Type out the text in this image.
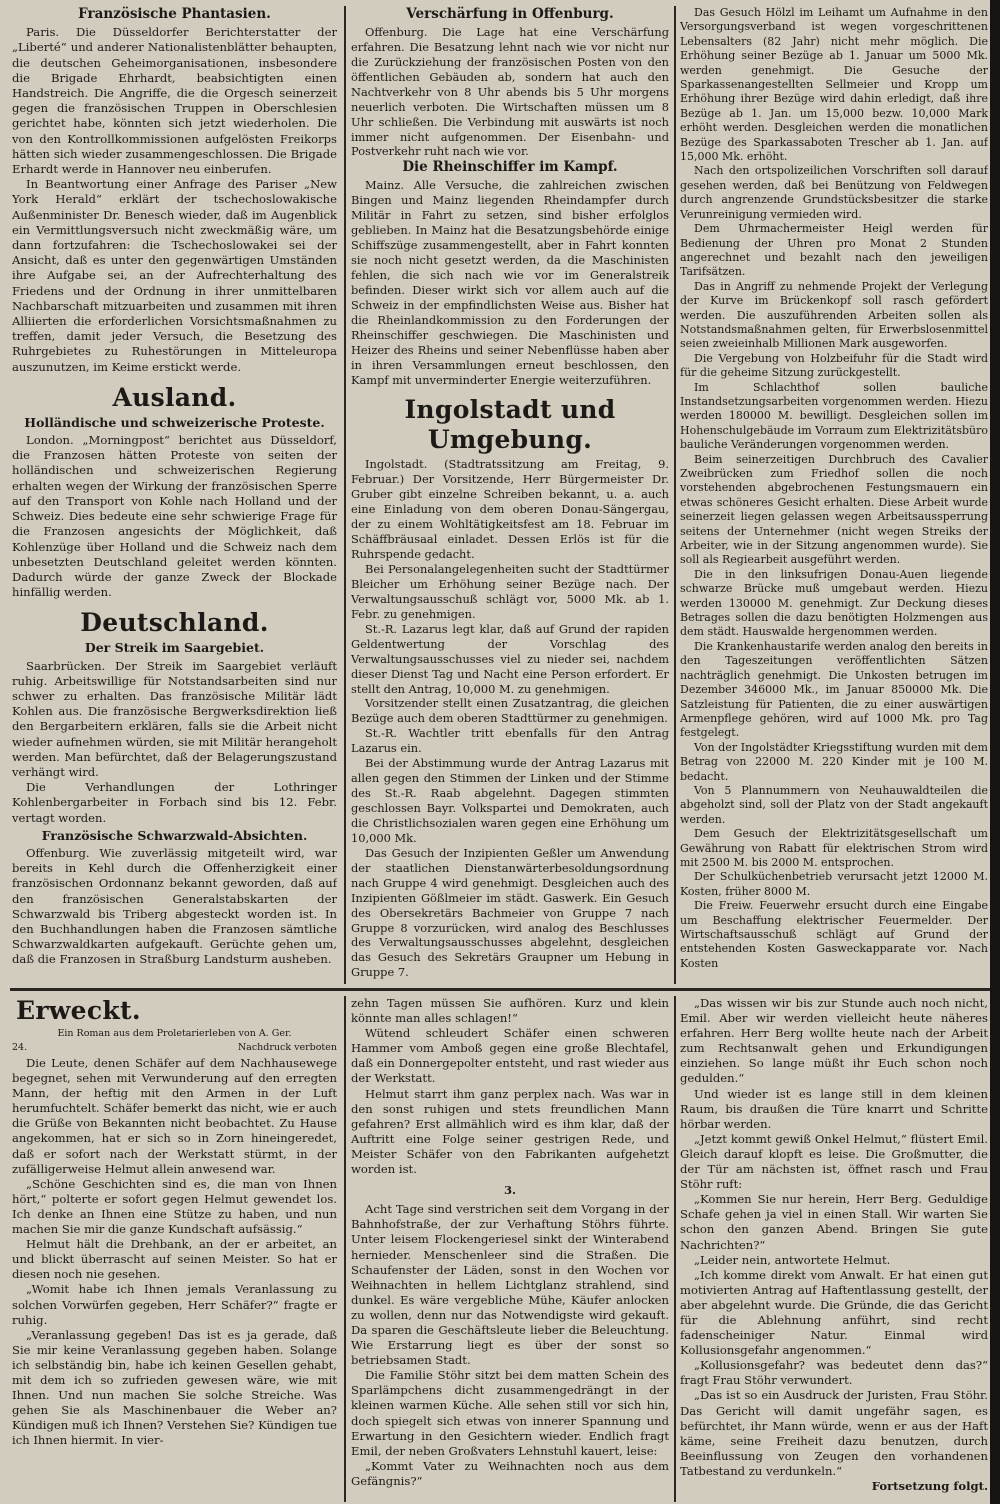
Französische Phantasien.

Paris. Die Düsseldorfer Berichterstatter der „Liberté“ und anderer Nationalistenblätter behaupten, die deutschen Geheimorganisationen, insbesondere die Brigade Ehrhardt, beabsichtigten einen Handstreich. Die Angriffe, die die Orgesch seinerzeit gegen die französischen Truppen in Oberschlesien gerichtet habe, könnten sich jetzt wiederholen. Die von den Kontrollkommissionen aufgelösten Freikorps hätten sich wieder zusammengeschlossen. Die Brigade Erhardt werde in Hannover neu einberufen.

In Beantwortung einer Anfrage des Pariser „New York Herald“ erklärt der tschechoslowakische Außenminister Dr. Benesch wieder, daß im Augenblick ein Vermittlungsversuch nicht zweckmäßig wäre, um dann fortzufahren: die Tschechoslowakei sei der Ansicht, daß es unter den gegenwärtigen Umständen ihre Aufgabe sei, an der Aufrechterhaltung des Friedens und der Ordnung in ihrer unmittelbaren Nachbarschaft mitzuarbeiten und zusammen mit ihren Alliierten die erforderlichen Vorsichtsmaßnahmen zu treffen, damit jeder Versuch, die Besetzung des Ruhrgebietes zu Ruhestörungen in Mitteleuropa auszunutzen, im Keime erstickt werde.

Ausland.
Holländische und schweizerische Proteste.

London. „Morningpost“ berichtet aus Düsseldorf, die Franzosen hätten Proteste von seiten der holländischen und schweizerischen Regierung erhalten wegen der Wirkung der französischen Sperre auf den Transport von Kohle nach Holland und der Schweiz. Dies bedeute eine sehr schwierige Frage für die Franzosen angesichts der Möglichkeit, daß Kohlenzüge über Holland und die Schweiz nach dem unbesetzten Deutschland geleitet werden könnten. Dadurch würde der ganze Zweck der Blockade hinfällig werden.

Deutschland.
Der Streik im Saargebiet.

Saarbrücken. Der Streik im Saargebiet verläuft ruhig. Arbeitswillige für Notstandsarbeiten sind nur schwer zu erhalten. Das französische Militär lädt Kohlen aus. Die französische Bergwerksdirektion ließ den Bergarbeitern erklären, falls sie die Arbeit nicht wieder aufnehmen würden, sie mit Militär herangeholt werden. Man befürchtet, daß der Belagerungszustand verhängt wird.

Die Verhandlungen der Lothringer Kohlenbergarbeiter in Forbach sind bis 12. Febr. vertagt worden.

Französische Schwarzwald-Absichten.

Offenburg. Wie zuverlässig mitgeteilt wird, war bereits in Kehl durch die Offenherzigkeit einer französischen Ordonnanz bekannt geworden, daß auf den französischen Generalstabskarten der Schwarzwald bis Triberg abgesteckt worden ist. In den Buchhandlungen haben die Franzosen sämtliche Schwarzwaldkarten aufgekauft. Gerüchte gehen um, daß die Franzosen in Straßburg Landsturm ausheben.

Verschärfung in Offenburg.

Offenburg. Die Lage hat eine Verschärfung erfahren. Die Besatzung lehnt nach wie vor nicht nur die Zurückziehung der französischen Posten von den öffentlichen Gebäuden ab, sondern hat auch den Nachtverkehr von 8 Uhr abends bis 5 Uhr morgens neuerlich verboten. Die Wirtschaften müssen um 8 Uhr schließen. Die Verbindung mit auswärts ist noch immer nicht aufgenommen. Der Eisenbahn- und Postverkehr ruht nach wie vor.

Die Rheinschiffer im Kampf.

Mainz. Alle Versuche, die zahlreichen zwischen Bingen und Mainz liegenden Rheindampfer durch Militär in Fahrt zu setzen, sind bisher erfolglos geblieben. In Mainz hat die Besatzungsbehörde einige Schiffszüge zusammengestellt, aber in Fahrt konnten sie noch nicht gesetzt werden, da die Maschinisten fehlen, die sich nach wie vor im Generalstreik befinden. Dieser wirkt sich vor allem auch auf die Schweiz in der empfindlichsten Weise aus. Bisher hat die Rheinlandkommission zu den Forderungen der Rheinschiffer geschwiegen. Die Maschinisten und Heizer des Rheins und seiner Nebenflüsse haben aber in ihren Versammlungen erneut beschlossen, den Kampf mit unverminderter Energie weiterzuführen.

Ingolstadt und Umgebung.

Ingolstadt. (Stadtratssitzung am Freitag, 9. Februar.) Der Vorsitzende, Herr Bürgermeister Dr. Gruber gibt einzelne Schreiben bekannt, u. a. auch eine Einladung von dem oberen Donau-Sängergau, der zu einem Wohltätigkeitsfest am 18. Februar im Schäffbräusaal einladet. Dessen Erlös ist für die Ruhrspende gedacht.

Bei Personalangelegenheiten sucht der Stadttürmer Bleicher um Erhöhung seiner Bezüge nach. Der Verwaltungsausschuß schlägt vor, 5000 Mk. ab 1. Febr. zu genehmigen.

St.-R. Lazarus legt klar, daß auf Grund der rapiden Geldentwertung der Vorschlag des Verwaltungsausschusses viel zu nieder sei, nachdem dieser Dienst Tag und Nacht eine Person erfordert. Er stellt den Antrag, 10,000 M. zu genehmigen.

Vorsitzender stellt einen Zusatzantrag, die gleichen Bezüge auch dem oberen Stadttürmer zu genehmigen.

St.-R. Wachtler tritt ebenfalls für den Antrag Lazarus ein.

Bei der Abstimmung wurde der Antrag Lazarus mit allen gegen den Stimmen der Linken und der Stimme des St.-R. Raab abgelehnt. Dagegen stimmten geschlossen Bayr. Volkspartei und Demokraten, auch die Christlichsozialen waren gegen eine Erhöhung um 10,000 Mk.

Das Gesuch der Inzipienten Geßler um Anwendung der staatlichen Dienstanwärterbesoldungsordnung nach Gruppe 4 wird genehmigt. Desgleichen auch des Inzipienten Gößlmeier im städt. Gaswerk. Ein Gesuch des Obersekretärs Bachmeier von Gruppe 7 nach Gruppe 8 vorzurücken, wird analog des Beschlusses des Verwaltungsausschusses abgelehnt, desgleichen das Gesuch des Sekretärs Graupner um Hebung in Gruppe 7.

Das Gesuch Hölzl im Leihamt um Aufnahme in den Versorgungsverband ist wegen vorgeschrittenen Lebensalters (82 Jahr) nicht mehr möglich. Die Erhöhung seiner Bezüge ab 1. Januar um 5000 Mk. werden genehmigt. Die Gesuche der Sparkassenangestellten Sellmeier und Kropp um Erhöhung ihrer Bezüge wird dahin erledigt, daß ihre Bezüge ab 1. Jan. um 15,000 bezw. 10,000 Mark erhöht werden. Desgleichen werden die monatlichen Bezüge des Sparkassaboten Trescher ab 1. Jan. auf 15,000 Mk. erhöht.

Nach den ortspolizeilichen Vorschriften soll darauf gesehen werden, daß bei Benützung von Feldwegen durch angrenzende Grundstücksbesitzer die starke Verunreinigung vermieden wird.

Dem Uhrmachermeister Heigl werden für Bedienung der Uhren pro Monat 2 Stunden angerechnet und bezahlt nach den jeweiligen Tarifsätzen.

Das in Angriff zu nehmende Projekt der Verlegung der Kurve im Brückenkopf soll rasch gefördert werden. Die auszuführenden Arbeiten sollen als Notstandsmaßnahmen gelten, für Erwerbslosenmittel seien zweieinhalb Millionen Mark ausgeworfen.

Die Vergebung von Holzbeifuhr für die Stadt wird für die geheime Sitzung zurückgestellt.

Im Schlachthof sollen bauliche Instandsetzungsarbeiten vorgenommen werden. Hiezu werden 180000 M. bewilligt. Desgleichen sollen im Hohenschulgebäude im Vorraum zum Elektrizitätsbüro bauliche Veränderungen vorgenommen werden.

Beim seinerzeitigen Durchbruch des Cavalier Zweibrücken zum Friedhof sollen die noch vorstehenden abgebrochenen Festungsmauern ein etwas schöneres Gesicht erhalten. Diese Arbeit wurde seinerzeit liegen gelassen wegen Arbeitsaussperrung seitens der Unternehmer (nicht wegen Streiks der Arbeiter, wie in der Sitzung angenommen wurde). Sie soll als Regiearbeit ausgeführt werden.

Die in den linksufrigen Donau-Auen liegende schwarze Brücke muß umgebaut werden. Hiezu werden 130000 M. genehmigt. Zur Deckung dieses Betrages sollen die dazu benötigten Holzmengen aus dem städt. Hauswalde hergenommen werden.

Die Krankenhaustarife werden analog den bereits in den Tageszeitungen veröffentlichten Sätzen nachträglich genehmigt. Die Unkosten betrugen im Dezember 346000 Mk., im Januar 850000 Mk. Die Satzleistung für Patienten, die zu einer auswärtigen Armenpflege gehören, wird auf 1000 Mk. pro Tag festgelegt.

Von der Ingolstädter Kriegsstiftung wurden mit dem Betrag von 22000 M. 220 Kinder mit je 100 M. bedacht.

Von 5 Plannummern von Neuhauwaldteilen die abgeholzt sind, soll der Platz von der Stadt angekauft werden.

Dem Gesuch der Elektrizitätsgesellschaft um Gewährung von Rabatt für elektrischen Strom wird mit 2500 M. bis 2000 M. entsprochen.

Der Schulküchenbetrieb verursacht jetzt 12000 M. Kosten, früher 8000 M.

Die Freiw. Feuerwehr ersucht durch eine Eingabe um Beschaffung elektrischer Feuermelder. Der Wirtschaftsausschuß schlägt auf Grund der entstehenden Kosten Gasweckapparate vor. Nach Kosten

Erweckt.
Ein Roman aus dem Proletarierleben von A. Ger.
24.	Nachdruck verboten

Die Leute, denen Schäfer auf dem Nachhausewege begegnet, sehen mit Verwunderung auf den erregten Mann, der heftig mit den Armen in der Luft herumfuchtelt. Schäfer bemerkt das nicht, wie er auch die Grüße von Bekannten nicht beobachtet. Zu Hause angekommen, hat er sich so in Zorn hineingeredet, daß er sofort nach der Werkstatt stürmt, in der zufälligerweise Helmut allein anwesend war.

„Schöne Geschichten sind es, die man von Ihnen hört,“ polterte er sofort gegen Helmut gewendet los. Ich denke an Ihnen eine Stütze zu haben, und nun machen Sie mir die ganze Kundschaft aufsässig.“

Helmut hält die Drehbank, an der er arbeitet, an und blickt überrascht auf seinen Meister. So hat er diesen noch nie gesehen.

„Womit habe ich Ihnen jemals Veranlassung zu solchen Vorwürfen gegeben, Herr Schäfer?“ fragte er ruhig.

„Veranlassung gegeben! Das ist es ja gerade, daß Sie mir keine Veranlassung gegeben haben. Solange ich selbständig bin, habe ich keinen Gesellen gehabt, mit dem ich so zufrieden gewesen wäre, wie mit Ihnen. Und nun machen Sie solche Streiche. Was gehen Sie als Maschinenbauer die Weber an? Kündigen muß ich Ihnen? Verstehen Sie? Kündigen tue ich Ihnen hiermit. In vier-

zehn Tagen müssen Sie aufhören. Kurz und klein könnte man alles schlagen!“

Wütend schleudert Schäfer einen schweren Hammer vom Amboß gegen eine große Blechtafel, daß ein Donnergepolter entsteht, und rast wieder aus der Werkstatt.

Helmut starrt ihm ganz perplex nach. Was war in den sonst ruhigen und stets freundlichen Mann gefahren? Erst allmählich wird es ihm klar, daß der Auftritt eine Folge seiner gestrigen Rede, und Meister Schäfer von den Fabrikanten aufgehetzt worden ist.

3.

Acht Tage sind verstrichen seit dem Vorgang in der Bahnhofstraße, der zur Verhaftung Stöhrs führte. Unter leisem Flockengeriesel sinkt der Winterabend hernieder. Menschenleer sind die Straßen. Die Schaufenster der Läden, sonst in den Wochen vor Weihnachten in hellem Lichtglanz strahlend, sind dunkel. Es wäre vergebliche Mühe, Käufer anlocken zu wollen, denn nur das Notwendigste wird gekauft. Da sparen die Geschäftsleute lieber die Beleuchtung. Wie Erstarrung liegt es über der sonst so betriebsamen Stadt.

Die Familie Stöhr sitzt bei dem matten Schein des Sparlämpchens dicht zusammengedrängt in der kleinen warmen Küche. Alle sehen still vor sich hin, doch spiegelt sich etwas von innerer Spannung und Erwartung in den Gesichtern wieder. Endlich fragt Emil, der neben Großvaters Lehnstuhl kauert, leise:

„Kommt Vater zu Weihnachten noch aus dem Gefängnis?“

„Das wissen wir bis zur Stunde auch noch nicht, Emil. Aber wir werden vielleicht heute näheres erfahren. Herr Berg wollte heute nach der Arbeit zum Rechtsanwalt gehen und Erkundigungen einziehen. So lange müßt ihr Euch schon noch gedulden.“

Und wieder ist es lange still in dem kleinen Raum, bis draußen die Türe knarrt und Schritte hörbar werden.

„Jetzt kommt gewiß Onkel Helmut,“ flüstert Emil. Gleich darauf klopft es leise. Die Großmutter, die der Tür am nächsten ist, öffnet rasch und Frau Stöhr ruft:

„Kommen Sie nur herein, Herr Berg. Geduldige Schafe gehen ja viel in einen Stall. Wir warten Sie schon den ganzen Abend. Bringen Sie gute Nachrichten?“

„Leider nein, antwortete Helmut.

„Ich komme direkt vom Anwalt. Er hat einen gut motivierten Antrag auf Haftentlassung gestellt, der aber abgelehnt wurde. Die Gründe, die das Gericht für die Ablehnung anführt, sind recht fadenscheiniger Natur. Einmal wird Kollusionsgefahr angenommen.“

„Kollusionsgefahr? was bedeutet denn das?“ fragt Frau Stöhr verwundert.

„Das ist so ein Ausdruck der Juristen, Frau Stöhr. Das Gericht will damit ungefähr sagen, es befürchtet, ihr Mann würde, wenn er aus der Haft käme, seine Freiheit dazu benutzen, durch Beeinflussung von Zeugen den vorhandenen Tatbestand zu verdunkeln.“

Fortsetzung folgt.
